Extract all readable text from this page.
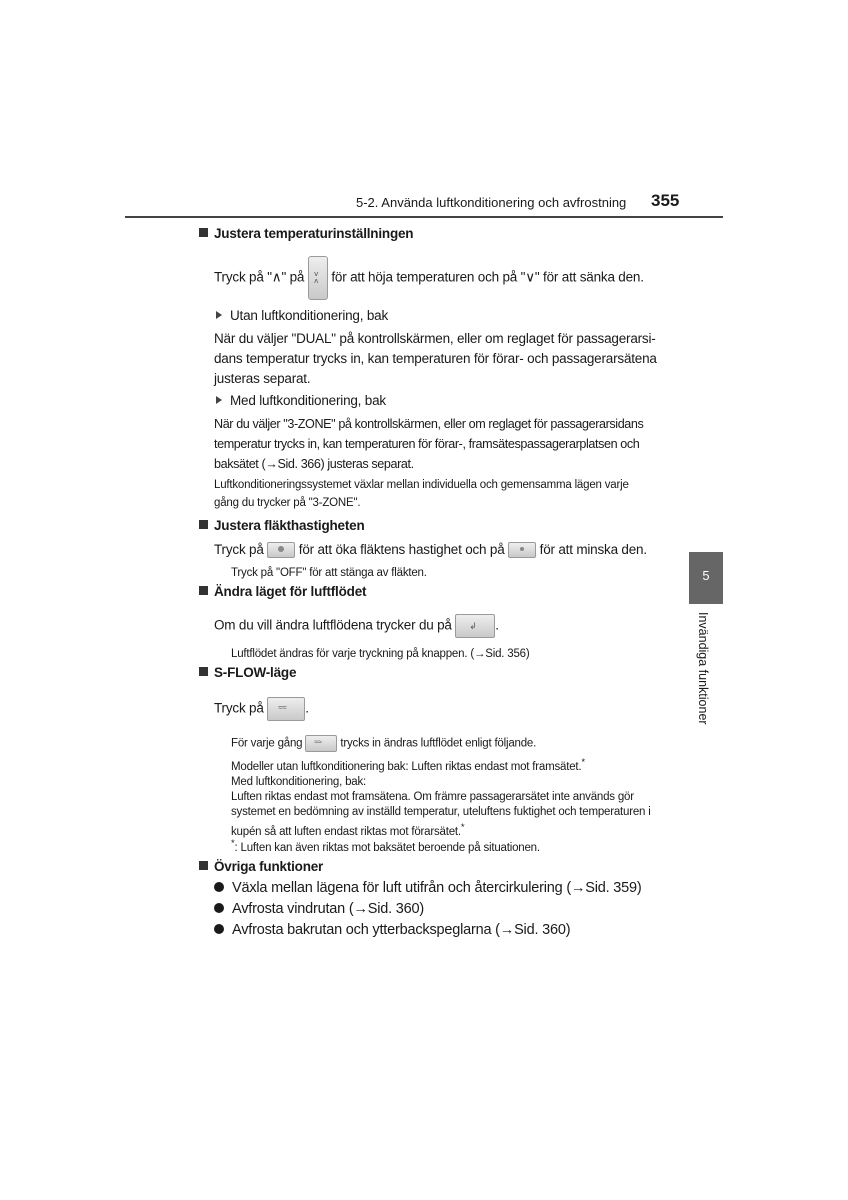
5-2. Använda luftkonditionering och avfrostning 355
5
Invändiga funktioner
Justera temperaturinställningen
Tryck på "∧" på ˄
˅ för att höja temperaturen och på "∨" för att sänka den.
Utan luftkonditionering, bak
När du väljer "DUAL" på kontrollskärmen, eller om reglaget för passagerarsi-
dans temperatur trycks in, kan temperaturen för förar- och passagerarsätena
justeras separat.
Med luftkonditionering, bak
När du väljer "3-ZONE" på kontrollskärmen, eller om reglaget för passagerarsidans
temperatur trycks in, kan temperaturen för förar-, framsätespassagerarplatsen och
baksätet (→Sid. 366) justeras separat.
Luftkonditioneringssystemet växlar mellan individuella och gemensamma lägen varje
gång du trycker på "3-ZONE".
Justera fläkthastigheten
Tryck på	för att öka fläktens hastighet och på	för att minska den.
Tryck på "OFF" för att stänga av fläkten.
Ändra läget för luftflödet
Om du vill ändra luftflödena trycker du på ↲ .
Luftflödet ändras för varje tryckning på knappen. (→Sid. 356)
S-FLOW-läge
Tryck på ≈≈ .
För varje gång ≈≈ trycks in ändras luftflödet enligt följande.
Modeller utan luftkonditionering bak: Luften riktas endast mot framsätet.*
Med luftkonditionering, bak:
Luften riktas endast mot framsätena. Om främre passagerarsätet inte används gör
systemet en bedömning av inställd temperatur, uteluftens fuktighet och temperaturen i
kupén så att luften endast riktas mot förarsätet.*
*: Luften kan även riktas mot baksätet beroende på situationen.
Övriga funktioner
Växla mellan lägena för luft utifrån och återcirkulering (→Sid. 359)
Avfrosta vindrutan (→Sid. 360)
Avfrosta bakrutan och ytterbackspeglarna (→Sid. 360)
